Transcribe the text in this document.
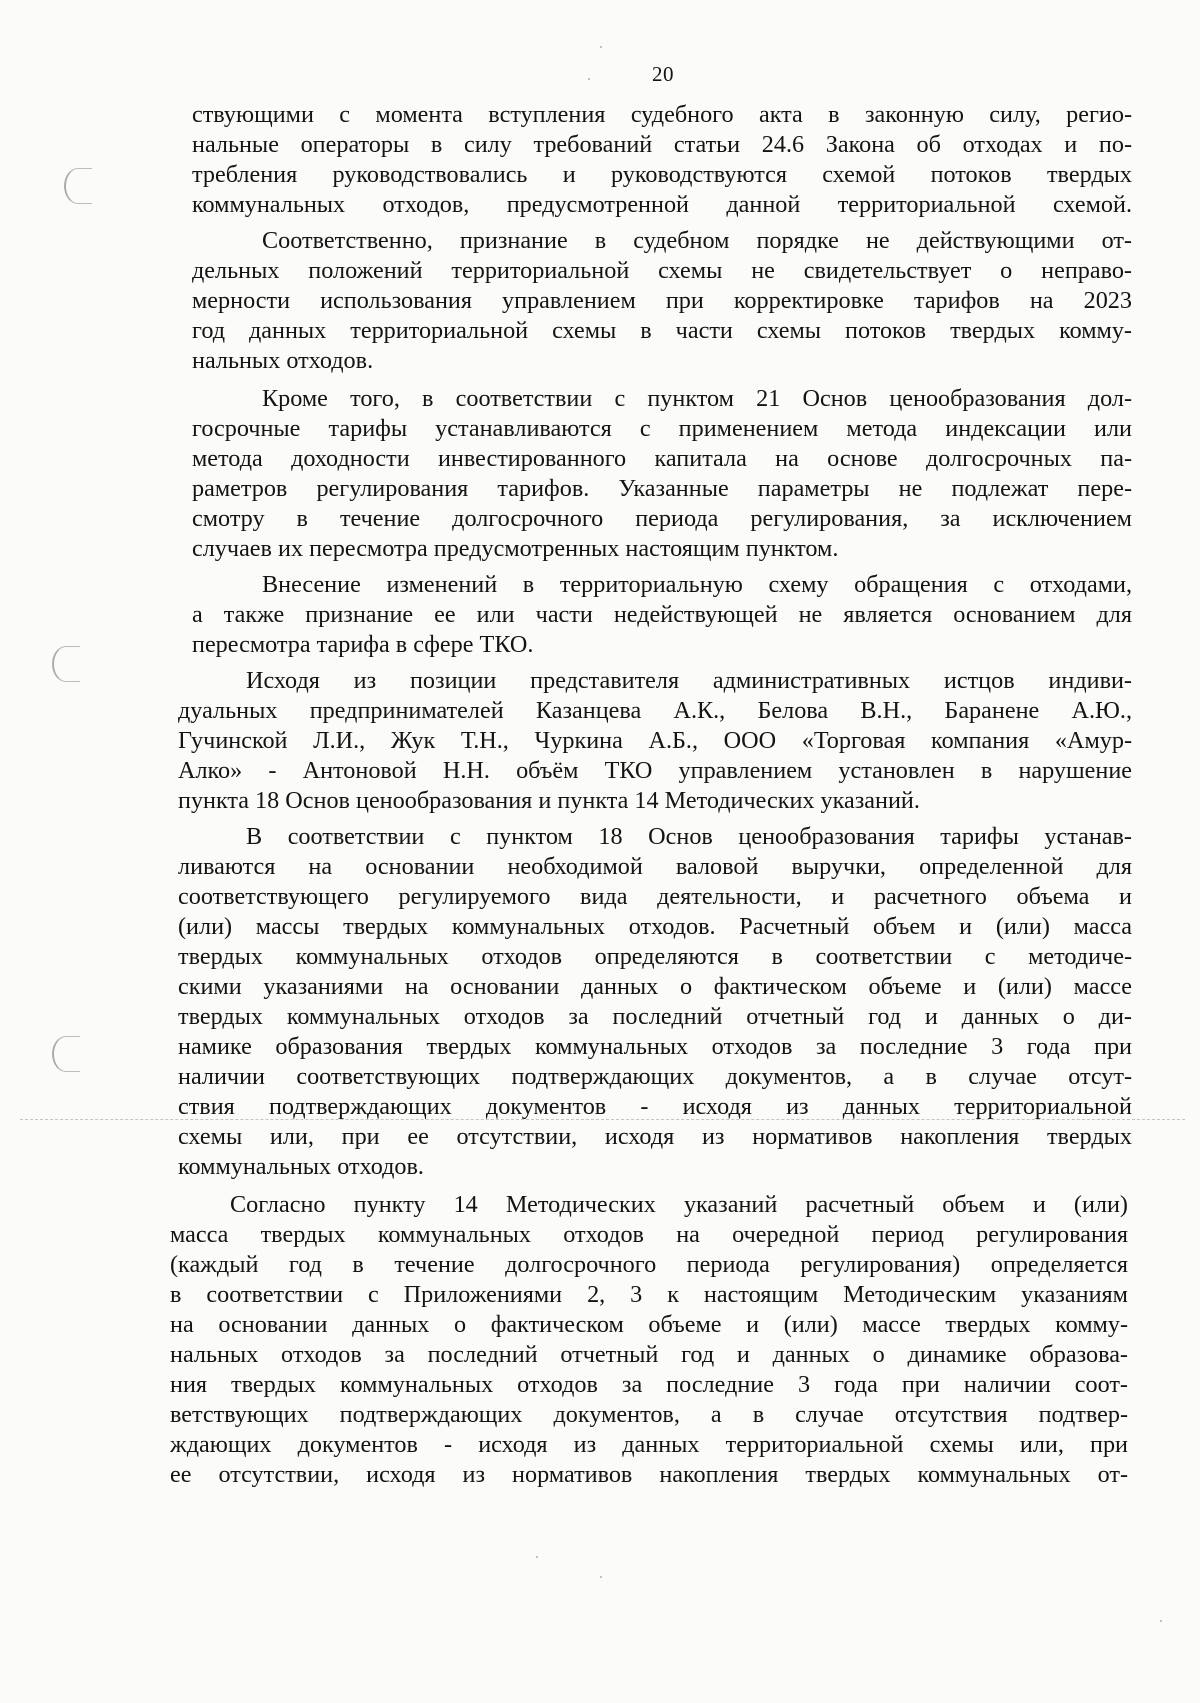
20
ствующими с момента вступления судебного акта в законную силу, регио-
нальные операторы в силу требований статьи 24.6 Закона об отходах и по-
требления руководствовались и руководствуются схемой потоков твердых
коммунальных отходов, предусмотренной данной территориальной схемой.
Соответственно, признание в судебном порядке не действующими от-
дельных положений территориальной схемы не свидетельствует о неправо-
мерности использования управлением при корректировке тарифов на 2023
год данных территориальной схемы в части схемы потоков твердых комму-
нальных отходов.
Кроме того, в соответствии с пунктом 21 Основ ценообразования дол-
госрочные тарифы устанавливаются с применением метода индексации или
метода доходности инвестированного капитала на основе долгосрочных па-
раметров регулирования тарифов. Указанные параметры не подлежат пере-
смотру в течение долгосрочного периода регулирования, за исключением
случаев их пересмотра предусмотренных настоящим пунктом.
Внесение изменений в территориальную схему обращения с отходами,
а также признание ее или части недействующей не является основанием для
пересмотра тарифа в сфере ТКО.
Исходя из позиции представителя административных истцов индиви-
дуальных предпринимателей Казанцева А.К., Белова В.Н., Баранене А.Ю.,
Гучинской Л.И., Жук Т.Н., Чуркина А.Б., ООО «Торговая компания «Амур-
Алко» - Антоновой Н.Н. объём ТКО управлением установлен в нарушение
пункта 18 Основ ценообразования и пункта 14 Методических указаний.
В соответствии с пунктом 18 Основ ценообразования тарифы устанав-
ливаются на основании необходимой валовой выручки, определенной для
соответствующего регулируемого вида деятельности, и расчетного объема и
(или) массы твердых коммунальных отходов. Расчетный объем и (или) масса
твердых коммунальных отходов определяются в соответствии с методиче-
скими указаниями на основании данных о фактическом объеме и (или) массе
твердых коммунальных отходов за последний отчетный год и данных о ди-
намике образования твердых коммунальных отходов за последние 3 года при
наличии соответствующих подтверждающих документов, а в случае отсут-
ствия подтверждающих документов - исходя из данных территориальной
схемы или, при ее отсутствии, исходя из нормативов накопления твердых
коммунальных отходов.
Согласно пункту 14 Методических указаний расчетный объем и (или)
масса твердых коммунальных отходов на очередной период регулирования
(каждый год в течение долгосрочного периода регулирования) определяется
в соответствии с Приложениями 2, 3 к настоящим Методическим указаниям
на основании данных о фактическом объеме и (или) массе твердых комму-
нальных отходов за последний отчетный год и данных о динамике образова-
ния твердых коммунальных отходов за последние 3 года при наличии соот-
ветствующих подтверждающих документов, а в случае отсутствия подтвер-
ждающих документов - исходя из данных территориальной схемы или, при
ее отсутствии, исходя из нормативов накопления твердых коммунальных от-
